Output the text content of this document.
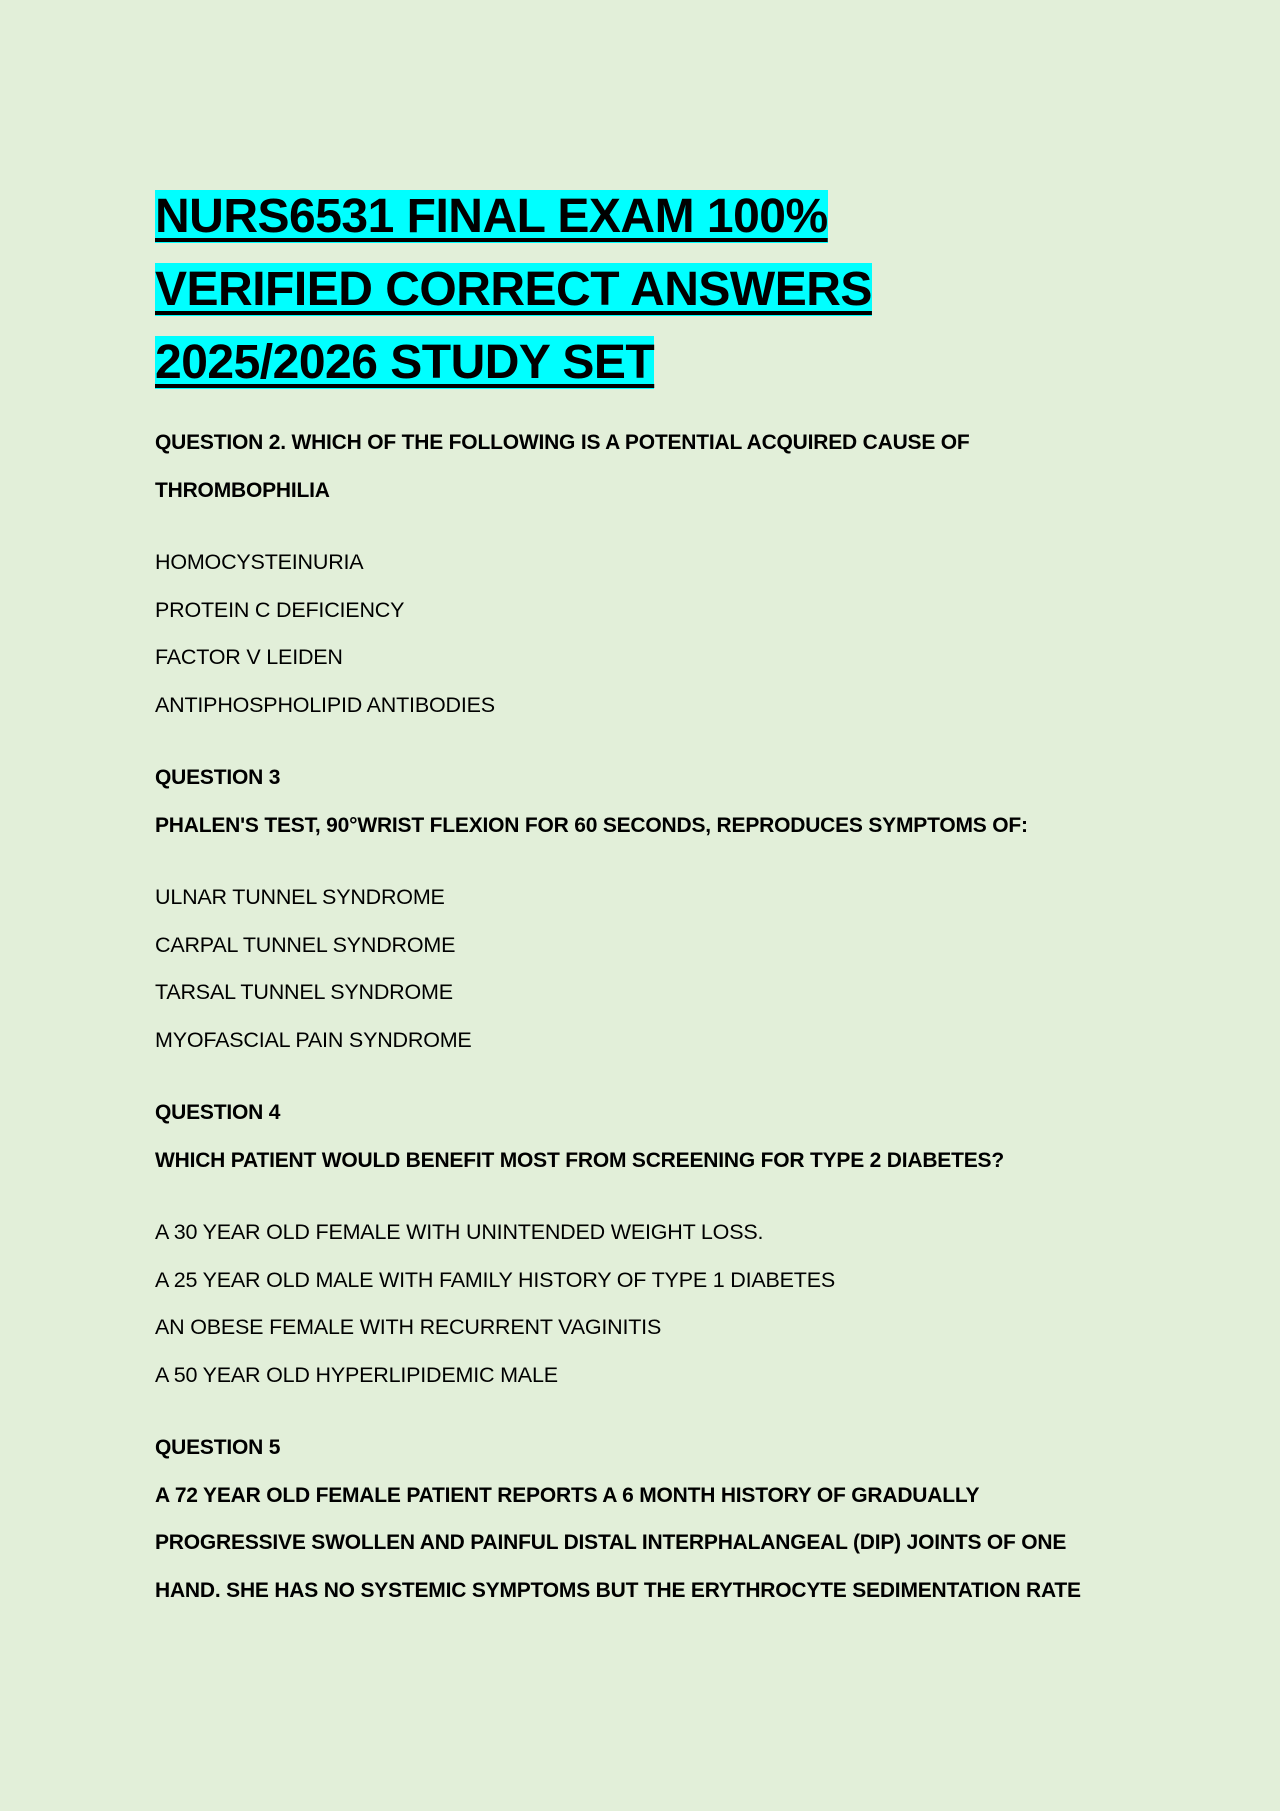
NURS6531 FINAL EXAM 100%
VERIFIED CORRECT ANSWERS
2025/2026 STUDY SET

QUESTION 2. WHICH OF THE FOLLOWING IS A POTENTIAL ACQUIRED CAUSE OF
THROMBOPHILIA

HOMOCYSTEINURIA
PROTEIN C DEFICIENCY
FACTOR V LEIDEN
ANTIPHOSPHOLIPID ANTIBODIES

QUESTION 3
PHALEN'S TEST, 90°WRIST FLEXION FOR 60 SECONDS, REPRODUCES SYMPTOMS OF:

ULNAR TUNNEL SYNDROME
CARPAL TUNNEL SYNDROME
TARSAL TUNNEL SYNDROME
MYOFASCIAL PAIN SYNDROME

QUESTION 4
WHICH PATIENT WOULD BENEFIT MOST FROM SCREENING FOR TYPE 2 DIABETES?

A 30 YEAR OLD FEMALE WITH UNINTENDED WEIGHT LOSS.
A 25 YEAR OLD MALE WITH FAMILY HISTORY OF TYPE 1 DIABETES
AN OBESE FEMALE WITH RECURRENT VAGINITIS
A 50 YEAR OLD HYPERLIPIDEMIC MALE

QUESTION 5
A 72 YEAR OLD FEMALE PATIENT REPORTS A 6 MONTH HISTORY OF GRADUALLY
PROGRESSIVE SWOLLEN AND PAINFUL DISTAL INTERPHALANGEAL (DIP) JOINTS OF ONE
HAND. SHE HAS NO SYSTEMIC SYMPTOMS BUT THE ERYTHROCYTE SEDIMENTATION RATE
